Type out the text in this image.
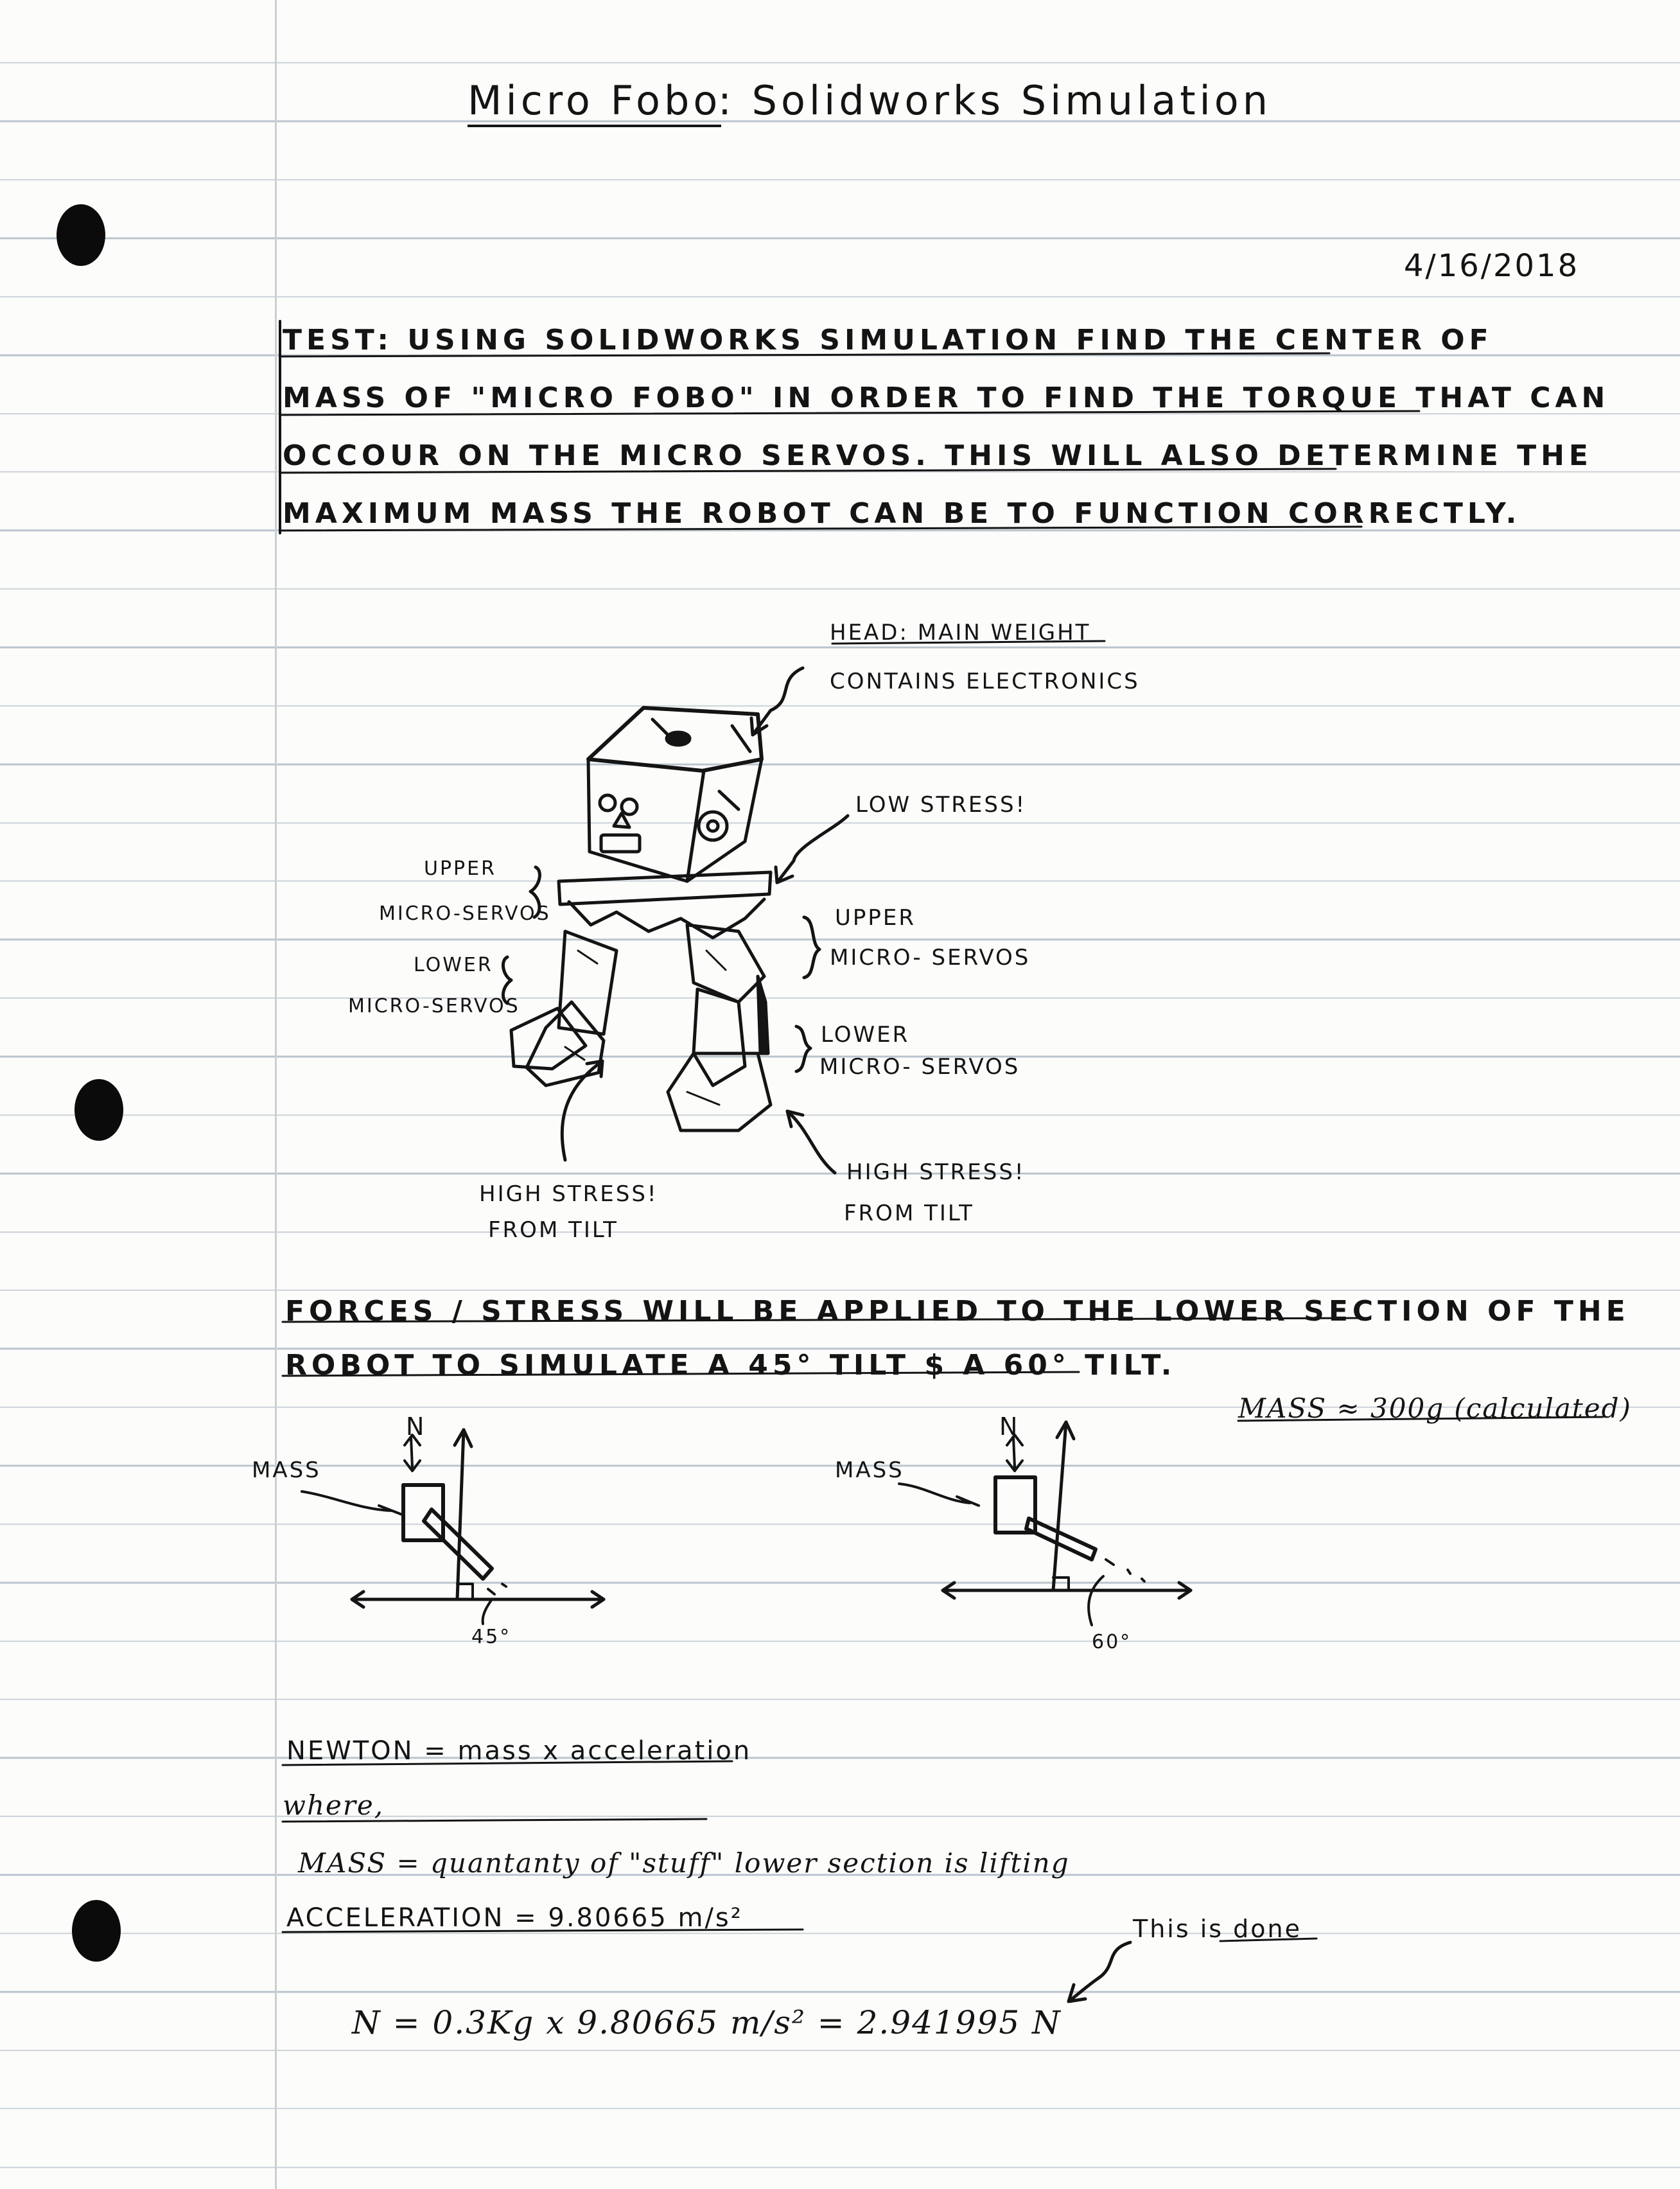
Micro Fobo
: Solidworks Simulation
4/16/2018
TEST: USING SOLIDWORKS SIMULATION FIND THE CENTER OF
MASS OF "MICRO FOBO" IN ORDER TO FIND THE TORQUE THAT CAN
OCCOUR ON THE MICRO SERVOS. THIS WILL ALSO DETERMINE THE
MAXIMUM MASS THE ROBOT CAN BE TO FUNCTION CORRECTLY.
HEAD: MAIN WEIGHT
CONTAINS ELECTRONICS
LOW STRESS!
UPPER
MICRO-SERVOS
LOWER
MICRO-SERVOS
UPPER
MICRO- SERVOS
LOWER
MICRO- SERVOS
HIGH STRESS!
FROM TILT
HIGH STRESS!
FROM TILT
FORCES / STRESS WILL BE APPLIED TO THE LOWER SECTION OF THE
ROBOT TO SIMULATE A 45° TILT $ A 60° TILT.
MASS ≈ 300g (calculated)
N
MASS
45°
N
MASS
60°
NEWTON = mass x acceleration
where,
MASS = quantanty of "stuff" lower section is lifting
ACCELERATION = 9.80665 m/s²	This is done
N = 0.3Kg x 9.80665 m/s² = 2.941995 N
